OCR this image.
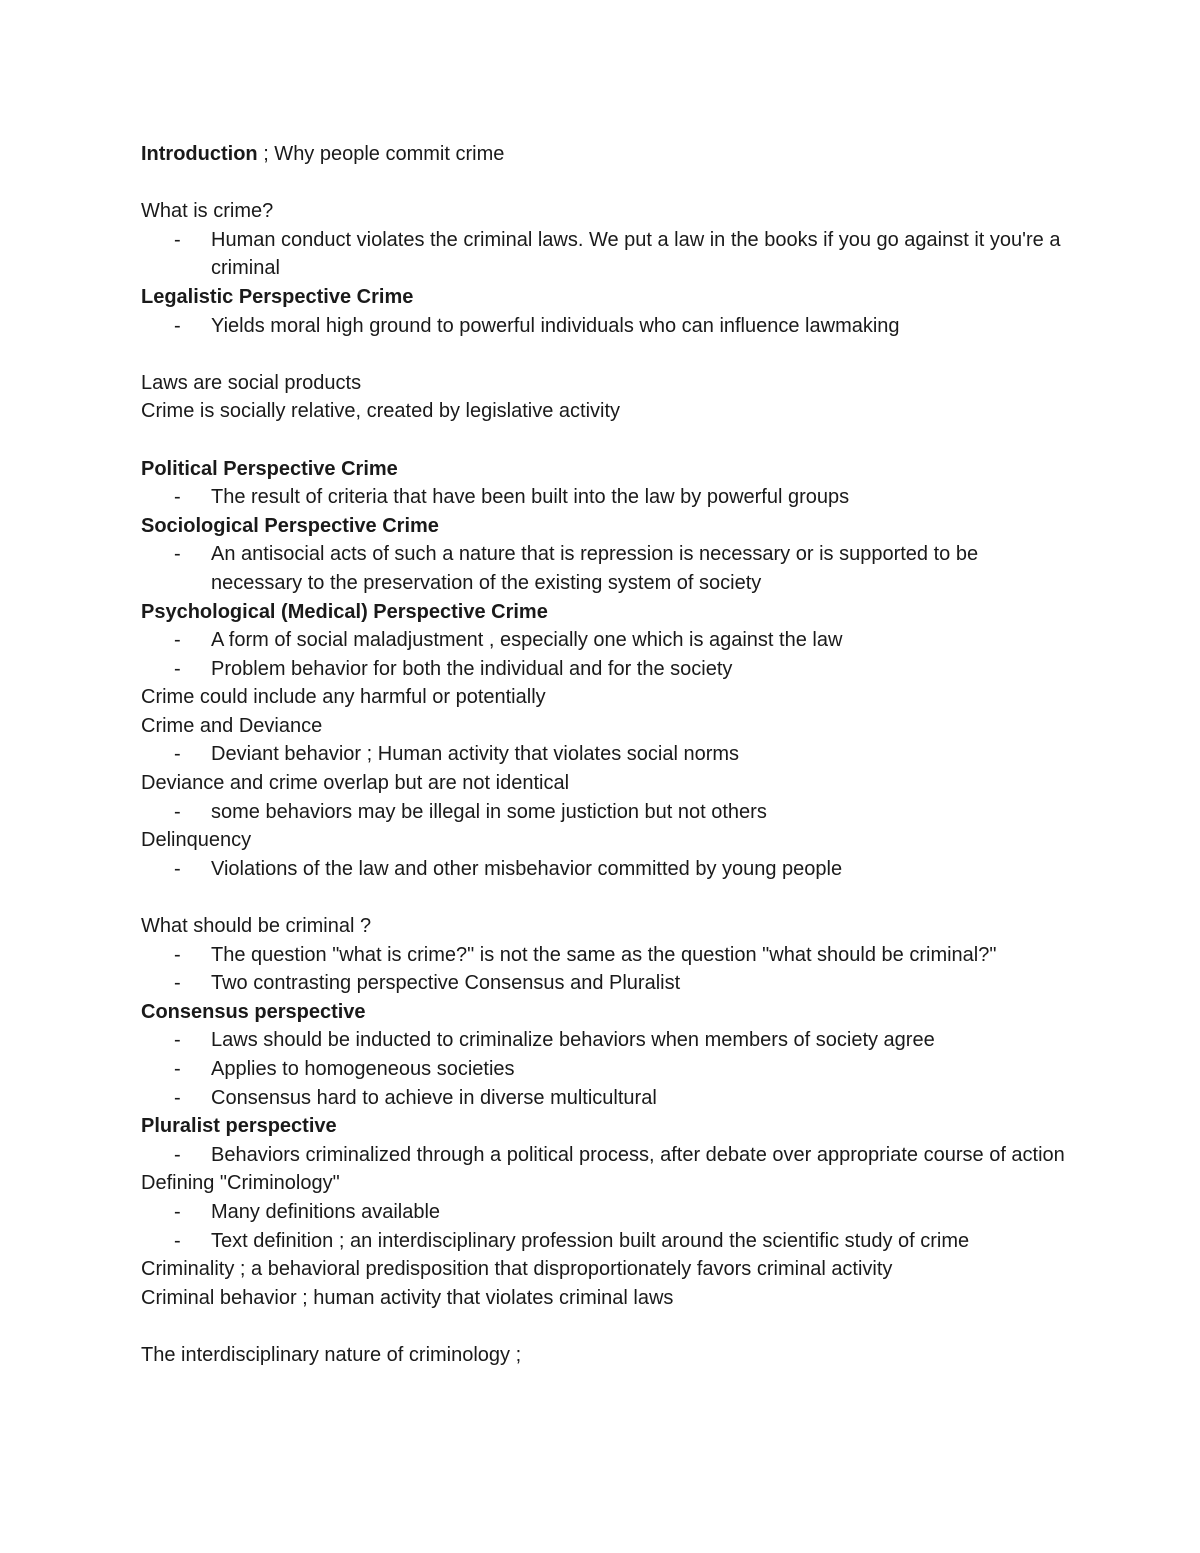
Introduction ; Why people commit crime

What is crime?

- Human conduct violates the criminal laws. We put a law in the books if you go against it you're a criminal

Legalistic Perspective Crime

- Yields moral high ground to powerful individuals who can influence lawmaking

Laws are social products

Crime is socially relative, created by legislative activity

Political Perspective Crime

- The result of criteria that have been built into the law by powerful groups

Sociological Perspective Crime

- An antisocial acts of such a nature that is repression is necessary or is supported to be necessary to the preservation of the existing system of society

Psychological (Medical) Perspective Crime

- A form of social maladjustment , especially one which is against the law
- Problem behavior for both the individual and for the society

Crime could include any harmful or potentially

Crime and Deviance

- Deviant behavior ; Human activity that violates social norms

Deviance and crime overlap but are not identical

- some behaviors may be illegal in some justiction but not others

Delinquency

- Violations of the law and other misbehavior committed by young people

What should be criminal ?

- The question "what is crime?" is not the same as the question "what should be criminal?"
- Two contrasting perspective Consensus and Pluralist

Consensus perspective

- Laws should be inducted to criminalize behaviors when members of society agree
- Applies to homogeneous societies
- Consensus hard to achieve in diverse multicultural

Pluralist perspective

- Behaviors criminalized through a political process, after debate over appropriate course of action

Defining "Criminology"

- Many definitions available
- Text definition ; an interdisciplinary profession built around the scientific study of crime

Criminality ; a behavioral predisposition that disproportionately favors criminal activity

Criminal behavior ; human activity that violates criminal laws

The interdisciplinary nature of criminology ;
